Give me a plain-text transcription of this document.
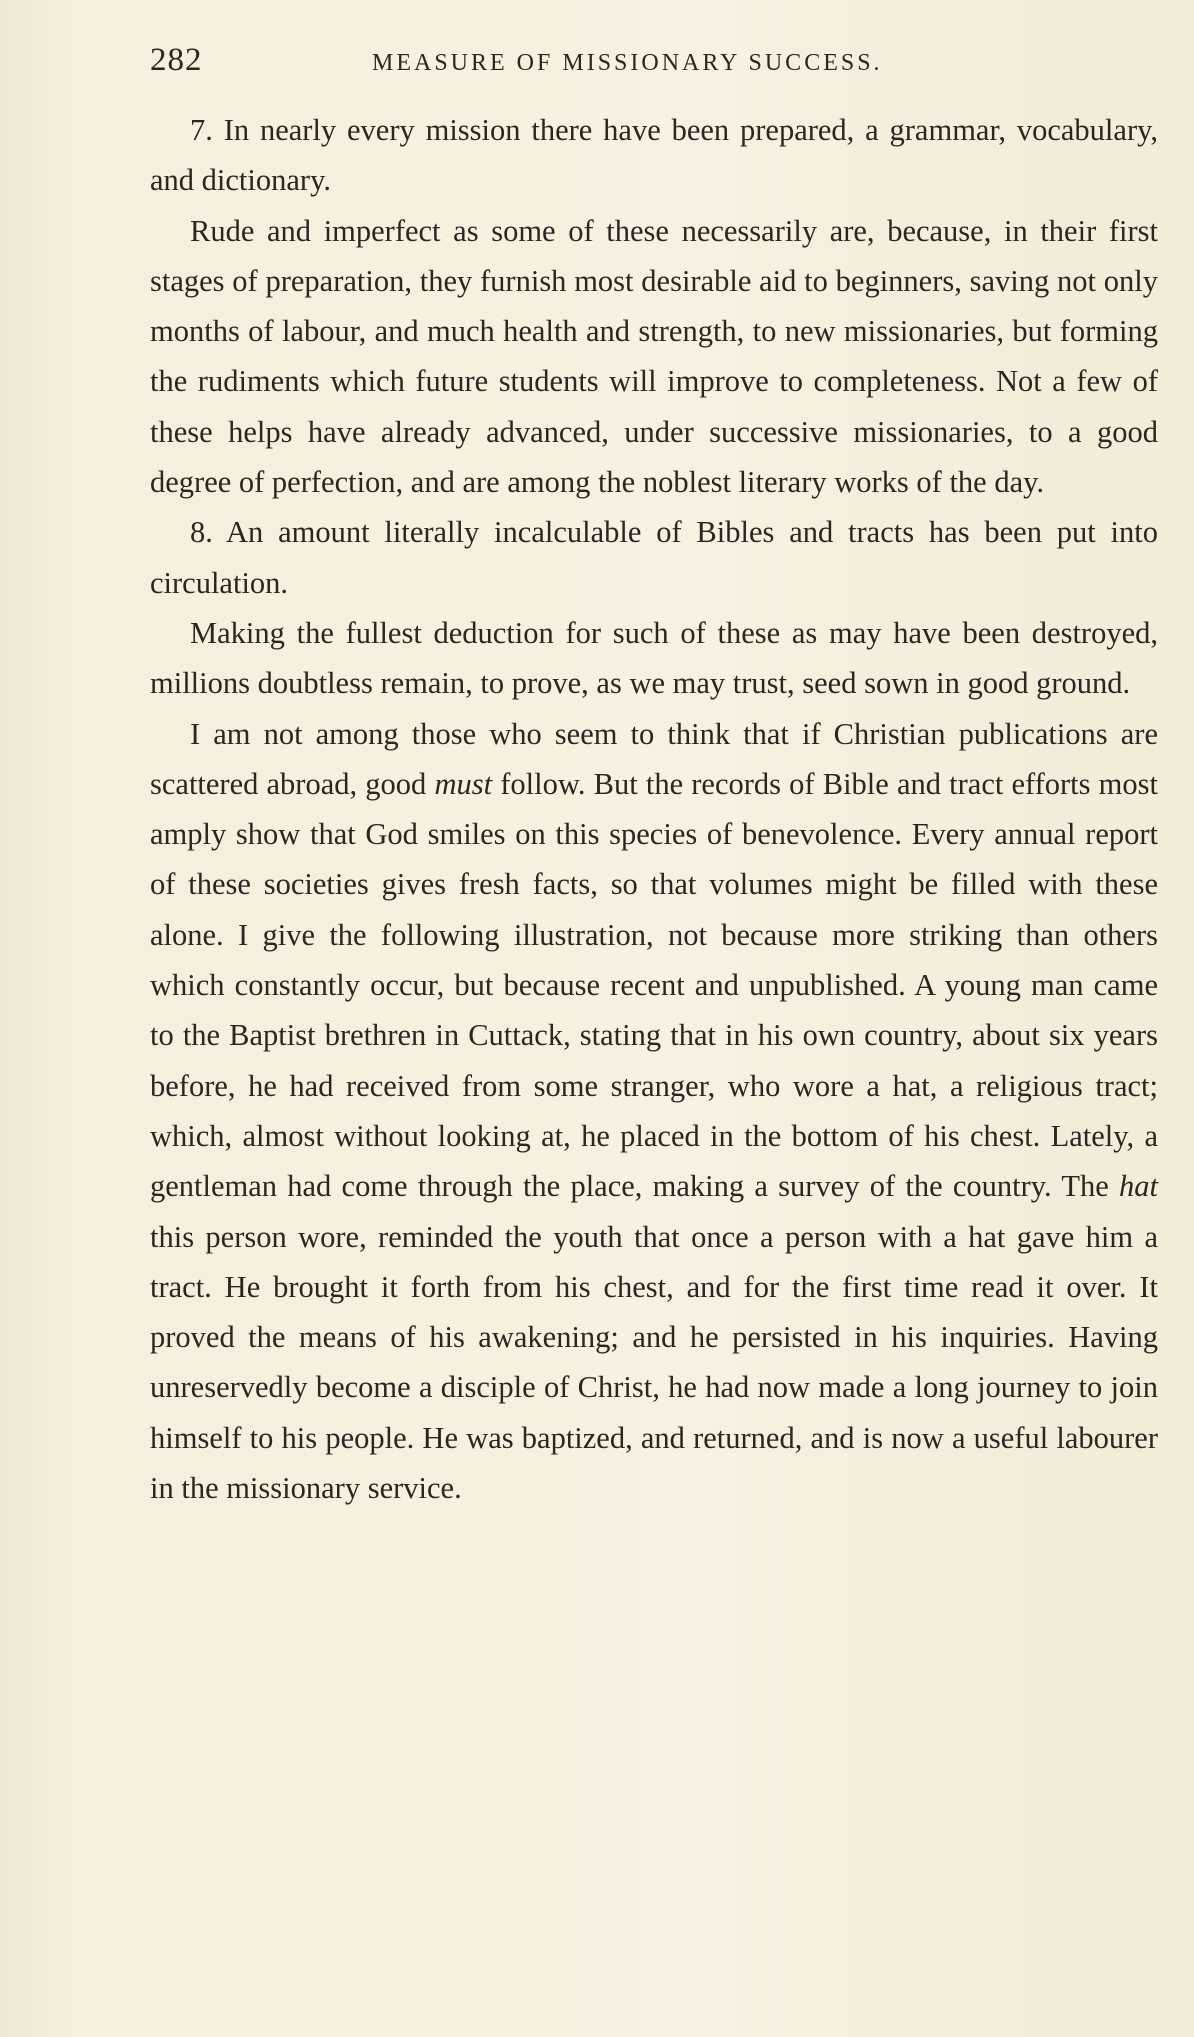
282	MEASURE OF MISSIONARY SUCCESS.

7. In nearly every mission there have been prepared, a grammar, vocabulary, and dictionary.

Rude and imperfect as some of these necessarily are, because, in their first stages of preparation, they furnish most desirable aid to beginners, saving not only months of labour, and much health and strength, to new missionaries, but forming the rudiments which future students will improve to completeness. Not a few of these helps have already advanced, under successive missionaries, to a good degree of perfection, and are among the noblest literary works of the day.

8. An amount literally incalculable of Bibles and tracts has been put into circulation.

Making the fullest deduction for such of these as may have been destroyed, millions doubtless remain, to prove, as we may trust, seed sown in good ground.

I am not among those who seem to think that if Christian publications are scattered abroad, good must follow. But the records of Bible and tract efforts most amply show that God smiles on this species of benevolence. Every annual report of these societies gives fresh facts, so that volumes might be filled with these alone. I give the following illustration, not because more striking than others which constantly occur, but because recent and unpublished. A young man came to the Baptist brethren in Cuttack, stating that in his own country, about six years before, he had received from some stranger, who wore a hat, a religious tract; which, almost without looking at, he placed in the bottom of his chest. Lately, a gentleman had come through the place, making a survey of the country. The hat this person wore, reminded the youth that once a person with a hat gave him a tract. He brought it forth from his chest, and for the first time read it over. It proved the means of his awakening; and he persisted in his inquiries. Having unreservedly become a disciple of Christ, he had now made a long journey to join himself to his people. He was baptized, and returned, and is now a useful labourer in the missionary service.
